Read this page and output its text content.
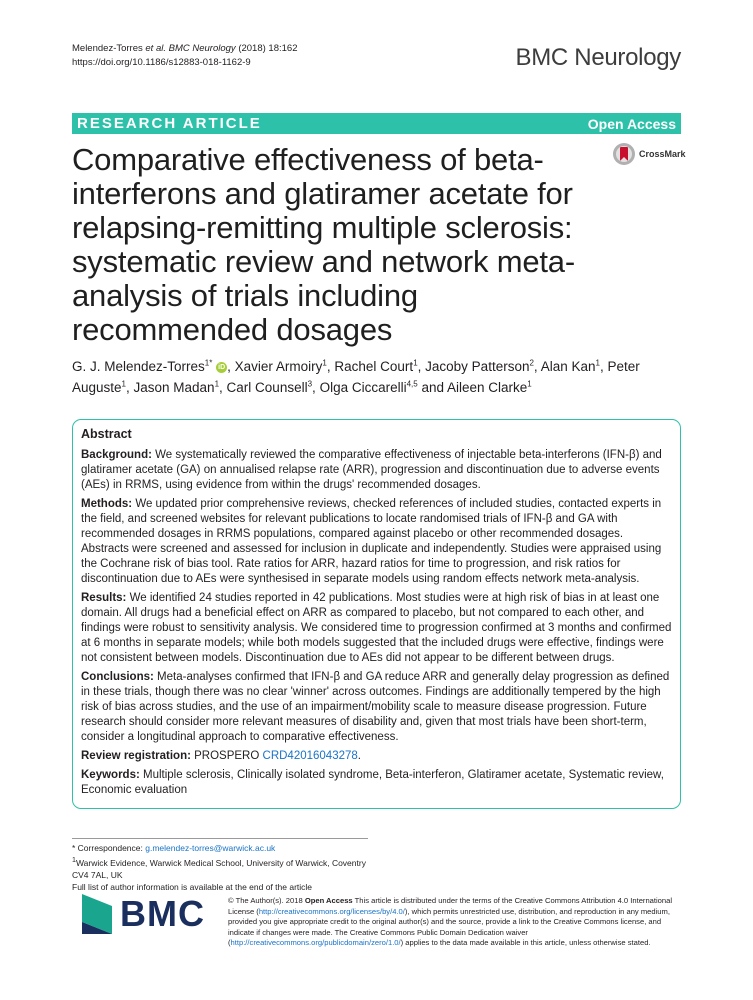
Melendez-Torres et al. BMC Neurology (2018) 18:162
https://doi.org/10.1186/s12883-018-1162-9	BMC Neurology
RESEARCH ARTICLE	Open Access
CrossMark
Comparative effectiveness of beta-interferons and glatiramer acetate for relapsing-remitting multiple sclerosis: systematic review and network meta-analysis of trials including recommended dosages
G. J. Melendez-Torres$^{1*}$ iD , Xavier Armoiry$^1$, Rachel Court$^1$, Jacoby Patterson$^2$, Alan Kan$^1$, Peter Auguste$^1$, Jason Madan$^1$, Carl Counsell$^3$, Olga Ciccarelli$^{4,5}$ and Aileen Clarke$^1$
Abstract

Background: We systematically reviewed the comparative effectiveness of injectable beta-interferons (IFN-β) and glatiramer acetate (GA) on annualised relapse rate (ARR), progression and discontinuation due to adverse events (AEs) in RRMS, using evidence from within the drugs' recommended dosages.

Methods: We updated prior comprehensive reviews, checked references of included studies, contacted experts in the field, and screened websites for relevant publications to locate randomised trials of IFN-β and GA with recommended dosages in RRMS populations, compared against placebo or other recommended dosages. Abstracts were screened and assessed for inclusion in duplicate and independently. Studies were appraised using the Cochrane risk of bias tool. Rate ratios for ARR, hazard ratios for time to progression, and risk ratios for discontinuation due to AEs were synthesised in separate models using random effects network meta-analysis.

Results: We identified 24 studies reported in 42 publications. Most studies were at high risk of bias in at least one domain. All drugs had a beneficial effect on ARR as compared to placebo, but not compared to each other, and findings were robust to sensitivity analysis. We considered time to progression confirmed at 3 months and confirmed at 6 months in separate models; while both models suggested that the included drugs were effective, findings were not consistent between models. Discontinuation due to AEs did not appear to be different between drugs.

Conclusions: Meta-analyses confirmed that IFN-β and GA reduce ARR and generally delay progression as defined in these trials, though there was no clear 'winner' across outcomes. Findings are additionally tempered by the high risk of bias across studies, and the use of an impairment/mobility scale to measure disease progression. Future research should consider more relevant measures of disability and, given that most trials have been short-term, consider a longitudinal approach to comparative effectiveness.

Review registration: PROSPERO CRD42016043278.

Keywords: Multiple sclerosis, Clinically isolated syndrome, Beta-interferon, Glatiramer acetate, Systematic review, Economic evaluation

* Correspondence: g.melendez-torres@warwick.ac.uk

$^1$Warwick Evidence, Warwick Medical School, University of Warwick, Coventry

CV4 7AL, UK

Full list of author information is available at the end of the article

BMC	© The Author(s). 2018 Open Access This article is distributed under the terms of the Creative Commons Attribution 4.0 International License (http://creativecommons.org/licenses/by/4.0/), which permits unrestricted use, distribution, and reproduction in any medium, provided you give appropriate credit to the original author(s) and the source, provide a link to the Creative Commons license, and indicate if changes were made. The Creative Commons Public Domain Dedication waiver (http://creativecommons.org/publicdomain/zero/1.0/) applies to the data made available in this article, unless otherwise stated.
